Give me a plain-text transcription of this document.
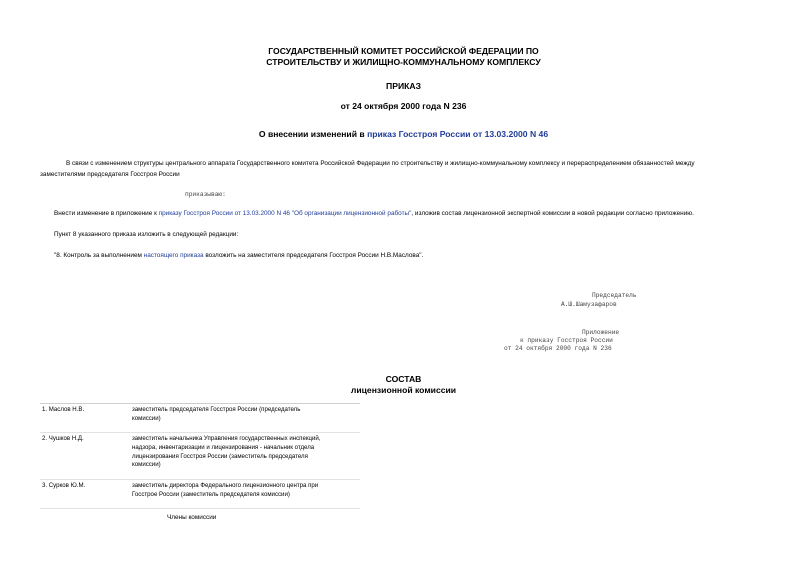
ГОСУДАРСТВЕННЫЙ КОМИТЕТ РОССИЙСКОЙ ФЕДЕРАЦИИ ПО
СТРОИТЕЛЬСТВУ И ЖИЛИЩНО-КОММУНАЛЬНОМУ КОМПЛЕКСУ
ПРИКАЗ
от 24 октября 2000 года N 236
О внесении изменений в приказ Госстроя России от 13.03.2000 N 46
В связи с изменением структуры центрального аппарата Государственного комитета Российской Федерации по строительству и жилищно-коммунальному комплексу и перераспределением обязанностей между
заместителями председателя Госстроя России
приказываю:
Внести изменение в приложение к приказу Госстроя России от 13.03.2000 N 46 "Об организации лицензионной работы", изложив состав лицензионной экспертной комиссии в новой редакции согласно приложению.
Пункт 8 указанного приказа изложить в следующей редакции:
"8. Контроль за выполнением настоящего приказа возложить на заместителя председателя Госстроя России Н.В.Маслова".
Председатель
А.Ш.Шамузафаров
Приложение
к приказу Госстроя России
от 24 октября 2000 года N 236
СОСТАВ
лицензионной комиссии
1. Маслов Н.В.	заместитель председателя Госстроя России (председатель
комиссии)
2. Чушков Н.Д.	заместитель начальника Управления государственных инспекций,
надзора, инвентаризации и лицензирования - начальник отдела
лицензирования Госстроя России (заместитель председателя
комиссии)
3. Сурков Ю.М.	заместитель директора Федерального лицензионного центра при
Госстрое России (заместитель председателя комиссии)
Члены комиссии
